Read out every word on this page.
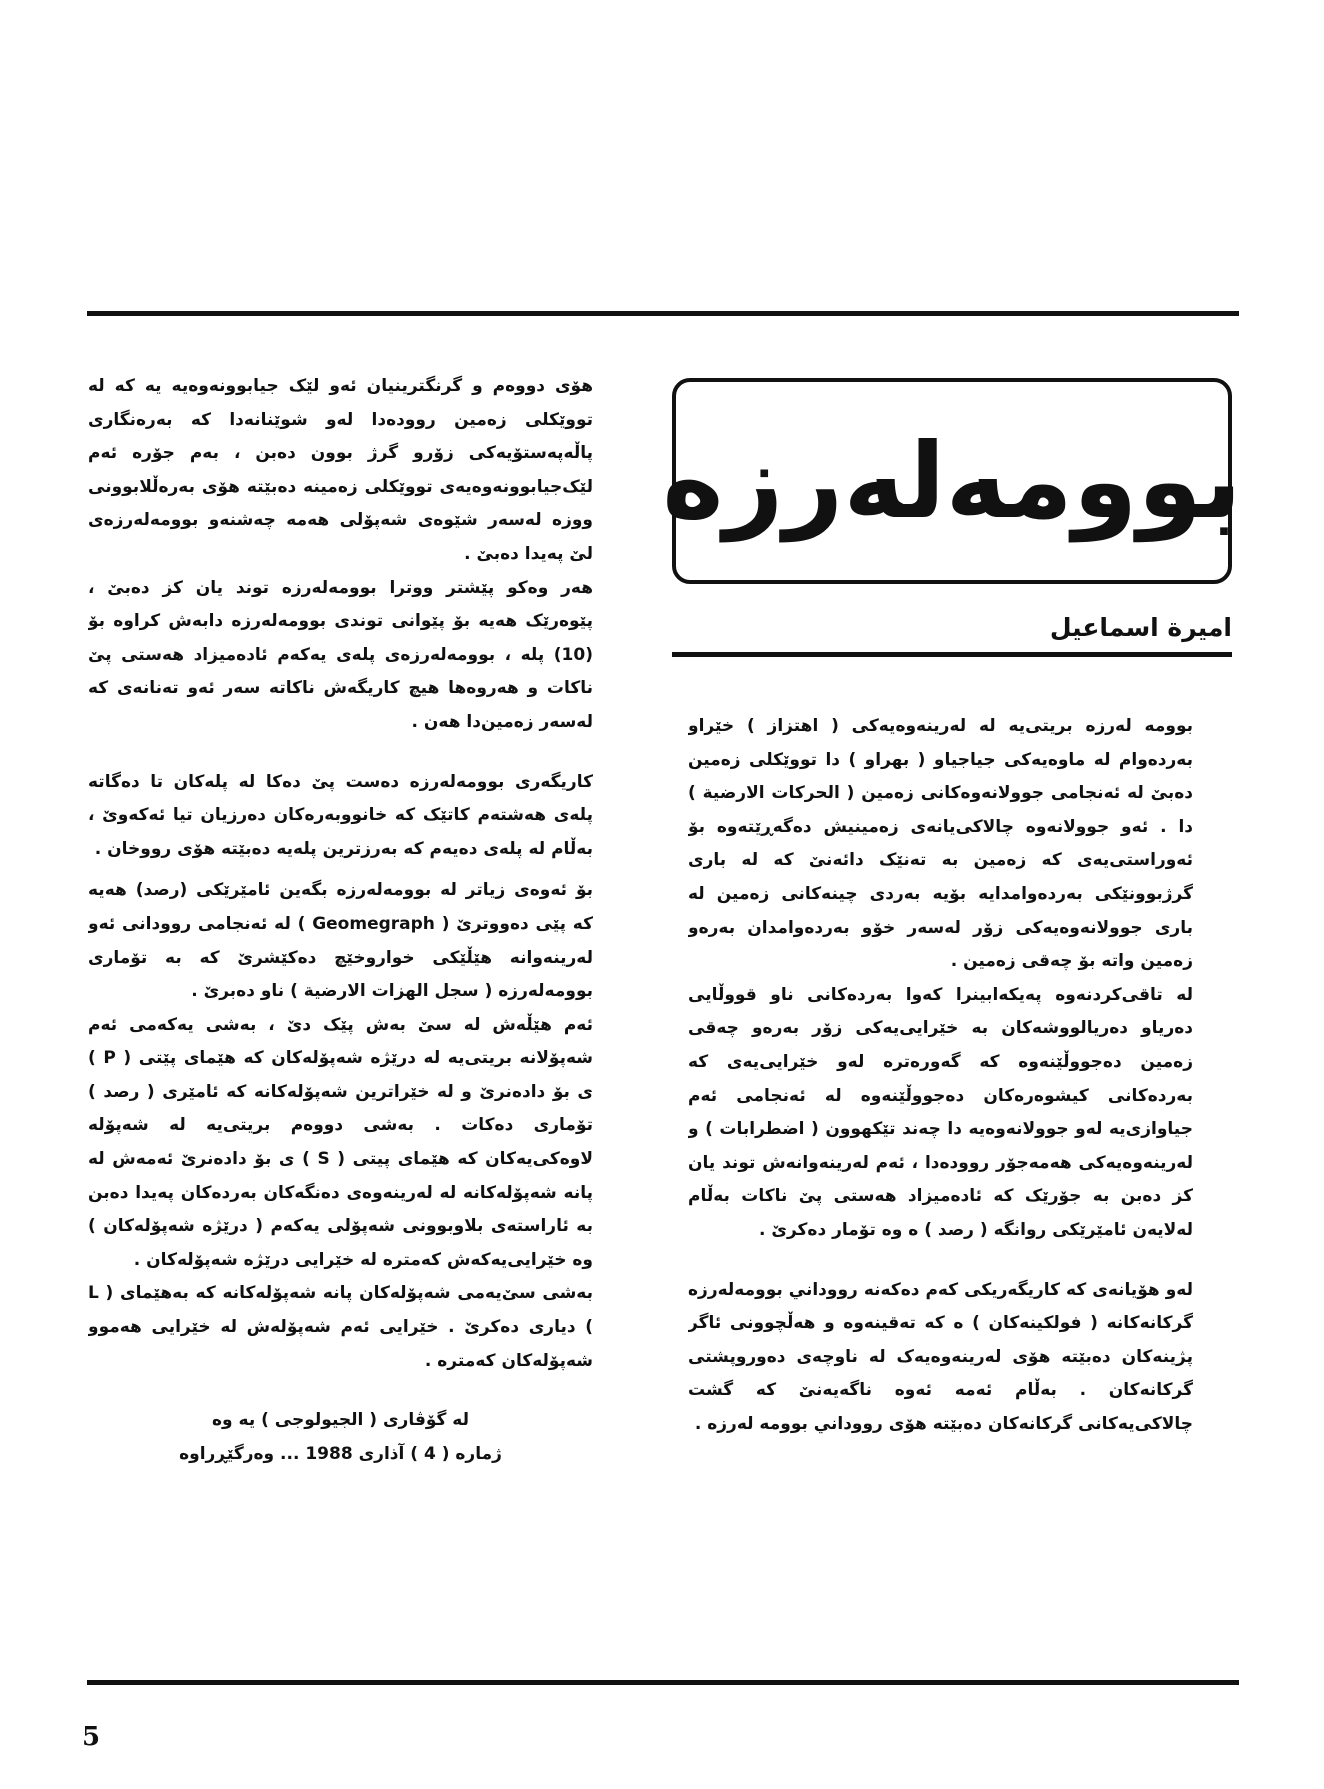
بوومه‌له‌رزه
اميرة اسماعيل

بوومه له‌رزه بریتی‌یه له له‌رینه‌وه‌یه‌کی ( اهتزاز ) خێراو به‌رده‌وام له ماوه‌یه‌کی جیاجیاو ( بهراو ) دا تووێکلی زه‌مین ده‌بێ له ئه‌نجامی جوولانه‌وه‌کانی زه‌مین ( الحرکات الارضیة ) دا . ئه‌و جوولانه‌وه چالاکی‌یانه‌ی زه‌مینیش ده‌گه‌ڕێته‌وه بۆ ئه‌وراستی‌یه‌ی که زه‌مین به ته‌نێک دائه‌نێ که له باری گرژبوونێکی به‌رده‌وامدایه بۆیه به‌ردی چینه‌کانی زه‌مین له باری جوولانه‌وه‌یه‌کی زۆر له‌سه‌ر خۆو به‌رده‌وامدان به‌ره‌و زه‌مین واته بۆ چه‌قی زه‌مین .

له تاقی‌کردنه‌وه په‌یکه‌ابینرا که‌وا به‌رده‌کانی ناو قووڵایی ده‌ریاو ده‌ریالووشه‌کان به خێرایی‌یه‌کی زۆر به‌ره‌و چه‌قی زه‌مین ده‌جووڵێنه‌وه که گه‌وره‌تره له‌و خێرایی‌یه‌ی که به‌رده‌کانی کیشوه‌ره‌کان ده‌جووڵێنه‌وه له ئه‌نجامی ئه‌م جیاوازی‌یه له‌و جوولانه‌وه‌یه دا چه‌ند تێکهوون ( اضطرابات ) و له‌رینه‌وه‌یه‌کی هه‌مه‌جۆر رووده‌دا ، ئه‌م له‌رینه‌وانه‌ش توند یان کز ده‌بن به جۆرێک که ئاده‌میزاد هه‌ستی پێ ناکات به‌ڵام له‌لایه‌ن ئامێرێکی روانگه ( رصد ) ه وه تۆمار ده‌کرێ .

له‌و هۆیانه‌ی که کاریگه‌ریکی که‌م ده‌که‌نه رووداني بوومه‌له‌رزه گرکانه‌کانه ( فولکینه‌کان ) ه که ته‌قینه‌وه و هه‌ڵچوونی ئاگر پژینه‌کان ده‌بێته هۆی له‌رینه‌وه‌یه‌ک له ناوچه‌ی ده‌وروپشتی گرکانه‌کان . به‌ڵام ئه‌مه ئه‌وه ناگه‌یه‌نێ که گشت چالاکی‌یه‌کانی گرکانه‌کان ده‌بێته هۆی رووداني بوومه له‌رزه .

هۆی دووه‌م و گرنگترینیان ئه‌و لێک جیابوونه‌وه‌یه یه که له تووێکلی زه‌مین رووده‌دا له‌و شوێنانه‌دا که به‌ره‌نگاری پاڵه‌پەستۆیه‌کی زۆرو گرژ بوون ده‌بن ، به‌م جۆره ئه‌م لێک‌جیابوونه‌وه‌یه‌ی تووێکلی زه‌مینه ده‌بێته هۆی به‌ره‌ڵلابوونی ووزه له‌سه‌ر شێوه‌ی شه‌پۆلی هه‌مه چه‌شنه‌و بوومه‌له‌رزه‌ی لێ په‌یدا ده‌بێ .

هه‌ر وه‌کو پێشتر ووترا بوومه‌له‌رزه توند یان کز ده‌بێ ، پێوه‌رێک هه‌یه بۆ پێوانی توندی بوومه‌له‌رزه دابه‌ش کراوه بۆ (10) پله ، بوومه‌له‌رزه‌ی پله‌ی یه‌که‌م ئاده‌میزاد هه‌ستی پێ ناکات و هه‌روه‌ها هیچ کاریگه‌ش ناکاته سه‌ر ئه‌و ته‌نانه‌ی که له‌سه‌ر زه‌مین‌دا هه‌ن .

کاریگه‌ری بوومه‌له‌رزه ده‌ست پێ ده‌کا له پله‌کان تا ده‌گاته پله‌ی هه‌شته‌م کاتێک که خانوو‌به‌ره‌کان ده‌رزیان تیا ئه‌که‌وێ ، به‌ڵام له پله‌ی ده‌یه‌م که به‌رزترین پله‌یه ده‌بێته هۆی رووخان .

بۆ ئه‌وه‌ی زیاتر له بوومه‌له‌رزه بگه‌ین ئامێرێکی (رصد) هه‌یه که پێی ده‌ووترێ ( Geomegraph ) له ئه‌نجامی روودانی ئه‌و له‌رینه‌وانه هێڵێکی خواروخێچ ده‌کێشرێ که به تۆماری بوومه‌له‌رزه ( سجل الهزات الارضیة ) ناو ده‌برێ .

ئه‌م هێڵه‌ش له سێ به‌ش پێک دێ ، به‌شی یه‌که‌می ئه‌م شه‌پۆلانه بریتی‌یه له درێژه شه‌پۆله‌کان که هێمای پێتی ( P ) ی بۆ دادەنرێ و له خێراترین شه‌پۆله‌کانه که ئامێری ( رصد ) تۆماری ده‌کات . به‌شی دووه‌م بریتی‌یه له شه‌پۆله لاوه‌کی‌یه‌کان که هێمای پیتی ( S ) ی بۆ داده‌نرێ ئه‌مه‌ش له پانه شه‌پۆله‌کانه له له‌رینه‌وه‌ی ده‌نگه‌کان به‌رده‌کان په‌یدا ده‌بن به ئاراسته‌ی بلاوبوونی شه‌پۆلی یه‌که‌م ( درێژه شه‌پۆله‌کان ) وه خێرایی‌یه‌که‌ش که‌متره له خێرایی درێژه شه‌پۆله‌کان .

به‌شی سێ‌یه‌می شه‌پۆله‌کان پانه شه‌پۆله‌کانه که به‌هێمای ( L ) دیاری ده‌کرێ . خێرایی ئه‌م شه‌پۆله‌ش له خێرایی هه‌موو شه‌پۆله‌کان که‌متره .

له گۆڤاری ( الجیولوجی ) یه وه

ژماره ( 4 ) آذاری 1988 ... وه‌رگێڕراوه

5
